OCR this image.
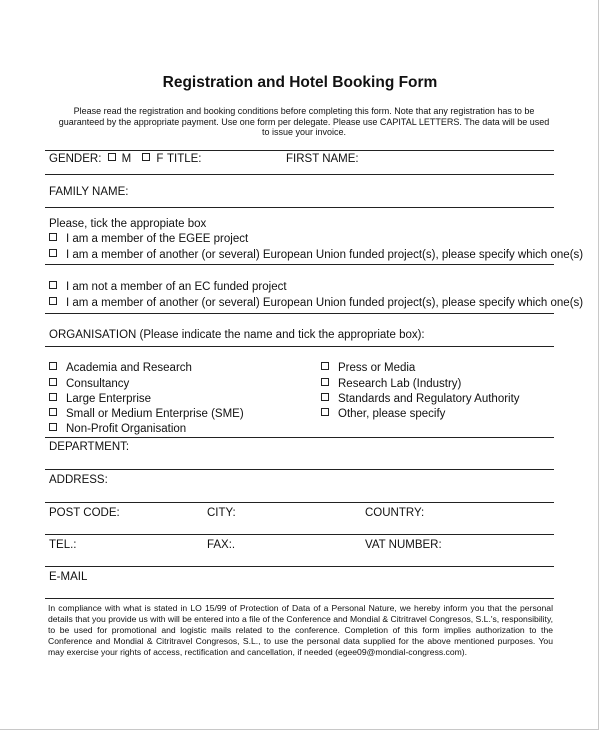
Registration and Hotel Booking Form
Please read the registration and booking conditions before completing this form. Note that any registration has to be guaranteed by the appropriate payment. Use one form per delegate. Please use CAPITAL LETTERS. The data will be used to issue your invoice.
GENDER: M F TITLE:	FIRST NAME:
FAMILY NAME:
Please, tick the appropiate box
I am a member of the EGEE project
I am a member of another (or several) European Union funded project(s), please specify which one(s)
I am not a member of an EC funded project
I am a member of another (or several) European Union funded project(s), please specify which one(s)
ORGANISATION (Please indicate the name and tick the appropriate box):
Academia and Research
Consultancy
Large Enterprise
Small or Medium Enterprise (SME)
Non-Profit Organisation
Press or Media
Research Lab (Industry)
Standards and Regulatory Authority
Other, please specify
DEPARTMENT:
ADDRESS:
POST CODE:	CITY:	COUNTRY:
TEL.:	FAX:.	VAT NUMBER:
E-MAIL
In compliance with what is stated in LO 15/99 of Protection of Data of a Personal Nature, we hereby inform you that the personal details that you provide us with will be entered into a file of the Conference and Mondial & Citritravel Congresos, S.L.'s, responsibility, to be used for promotional and logistic mails related to the conference. Completion of this form implies authorization to the Conference and Mondial & Citritravel Congresos, S.L., to use the personal data supplied for the above mentioned purposes. You may exercise your rights of access, rectification and cancellation, if needed (egee09@mondial-congress.com).
